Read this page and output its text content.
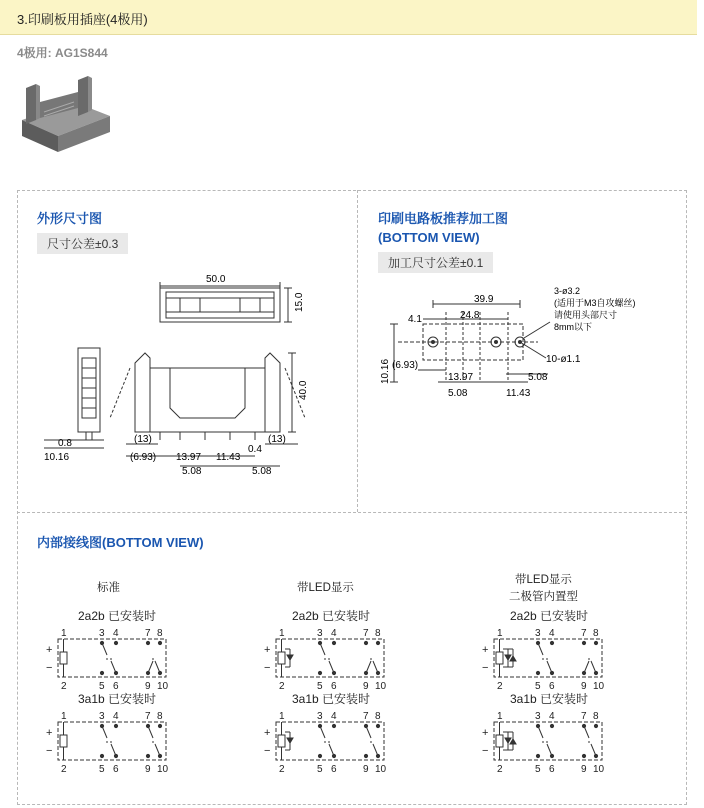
3.印刷板用插座(4极用)
4极用: AG1S844
外形尺寸图
尺寸公差±0.3
50.0
15.0
40.0
0.8
10.16
(13)
(6.93) 13.97 11.43
0.4
(13)
5.08	5.08
印刷电路板推荐加工图
(BOTTOM VIEW)
加工尺寸公差±0.1
39.9
4.1	24.8
(6.93)
10.16	13.97
5.08
5.08
11.43
10-ø1.1
3-ø3.2
(适用于M3自攻螺丝)
请使用头部尺寸
8mm以下
内部接线图(BOTTOM VIEW)
标准	带LED显示
带LED显示
二极管内置型
2a2b 已安装时	2a2b 已安装时	2a2b 已安装时
3a1b 已安装时	3a1b 已安装时	3a1b 已安装时
1	3 4	7 8
2	5 6	9 10
+
−
1	3 4	7 8
2	5 6	9 10
+
−
1	3 4	7 8
2	5 6	9 10
+
−
1	3 4	7 8
2	5 6	9 10
+
−
1	3 4	7 8
2	5 6	9 10
+
−
1	3 4	7 8
2	5 6	9 10
+
−
